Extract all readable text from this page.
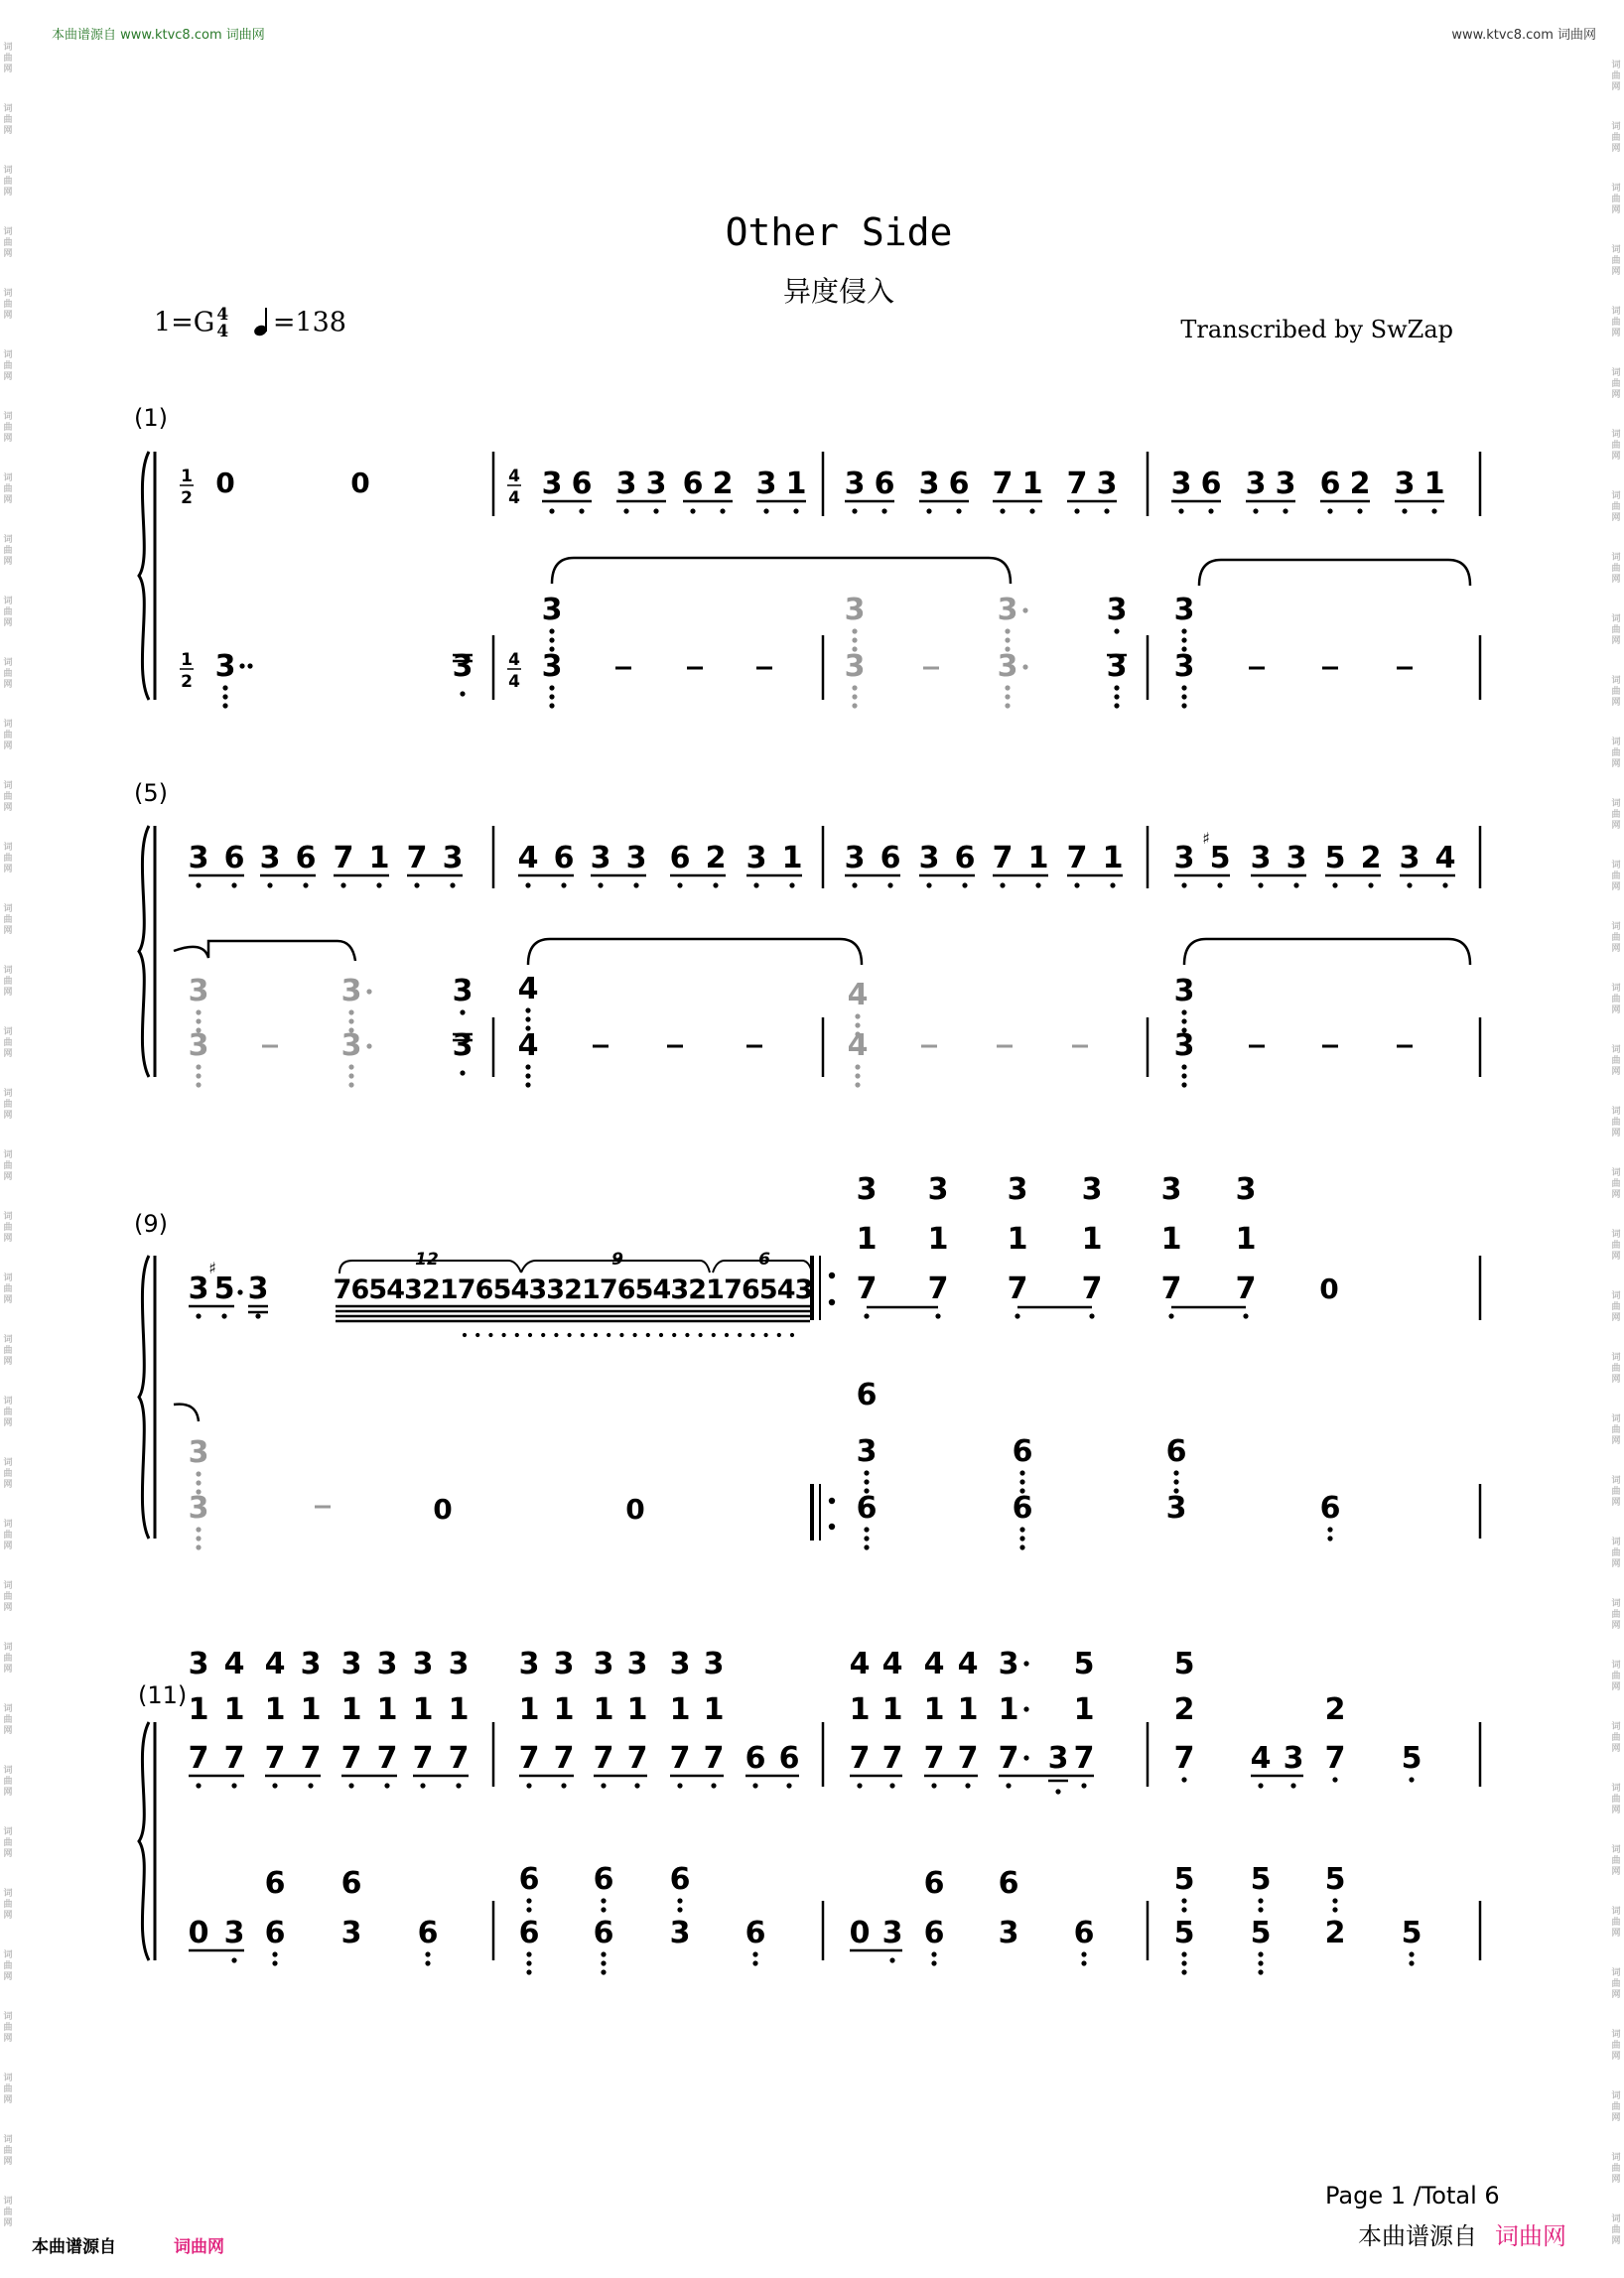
本曲谱源自 www.ktvc8.com 词曲网	www.ktvc8.com 词曲网
Other Side
异度侵入
1=G 4
4 =138	Transcribed by SwZap
(1)
(5)
(9)
(11)
1
2
4
4
0	0	3 6 3 3 6 2 3 1 3 6 3 6 7 1 7 3 3 6 3 3 6 2 3 1
1
2
4
4
3	3
3
3
3
3
3
3
3
3
3
3
3 6 3 6 7 1 7 3 4 6 3 3 6 2 3 1 3 6 3 6 7 1 7 1 3 5 3 3 5 2 3 4
♯
3
3
3
3
3
3
4
4
4
4
3
3
3 5
♯
3 7 6 5 4 3 2 1 7 6 5 4 3 3 2 1 7 6 5 4 3 2 1 7 6 5 4 3
3
1
7
3
1
7
3
1
7
3
1
7
3
1
7
3
1
7 0
3
3	0	0
6
3
6
6
6
6
3	6
3
1
7
4
1
7
4
1
7
3
1
7
3
1
7
3
1
7
3
1
7
3
1
7
3
1
7
3
1
7
3
1
7
3
1
7
3
1
7
3
1
7 6 6
4
1
7
4
1
7
4
1
7
4
1
7
3
1
7 3
5
1
7
5
2
7 4 3
2
7 5
0 3
6
6
6
3 6
6
6
6
6
6
3 6	0 3
6
6
6
3 6
5
5
5
5
5
2 5
词
词
曲
曲
网
网
词
词
曲
曲
网
网
词
词
曲
曲
网
网
词
词
曲
曲
网
网
词
词
曲
曲
网
网
词
词
曲
曲
网
网
词
词
曲
曲
网
网
词
词
曲
曲
网
网
词
词
曲
曲
网
网
词
词
曲
曲
网
网
词
词
曲
曲
网
网
词
词
曲
曲
网
网
词
词
曲
曲
网
网
词
词
曲
曲
网
网
词
词
曲
曲
网
网
词
词
曲
曲
网
网
词
词
曲
曲
网
网
词
词
曲
曲
网
网
词
词
曲
曲
网
网
词
词
曲
曲
网
网
词
词
曲
曲
网
网
词
词
曲
曲
网
网
词
词
曲
曲
网
网
词
词
曲
曲
网
网
词
词
曲
曲
网
网
词
词
曲
曲
网
网
词
词
曲
曲
网
网
词
词
曲
曲
网
网
词
词
曲
曲
网
网
词
词
曲
曲
网
网
词
词
曲
曲
网
网
词
词
曲
曲
网
网
词
词
曲
曲
网
网
词
词
曲
曲
网
网
词
词
曲
曲
网
网
词
词
曲
曲
网
网
12	9	6
Page 1 /Total 6
本曲谱源自 词曲网
本曲谱源自	词曲网
